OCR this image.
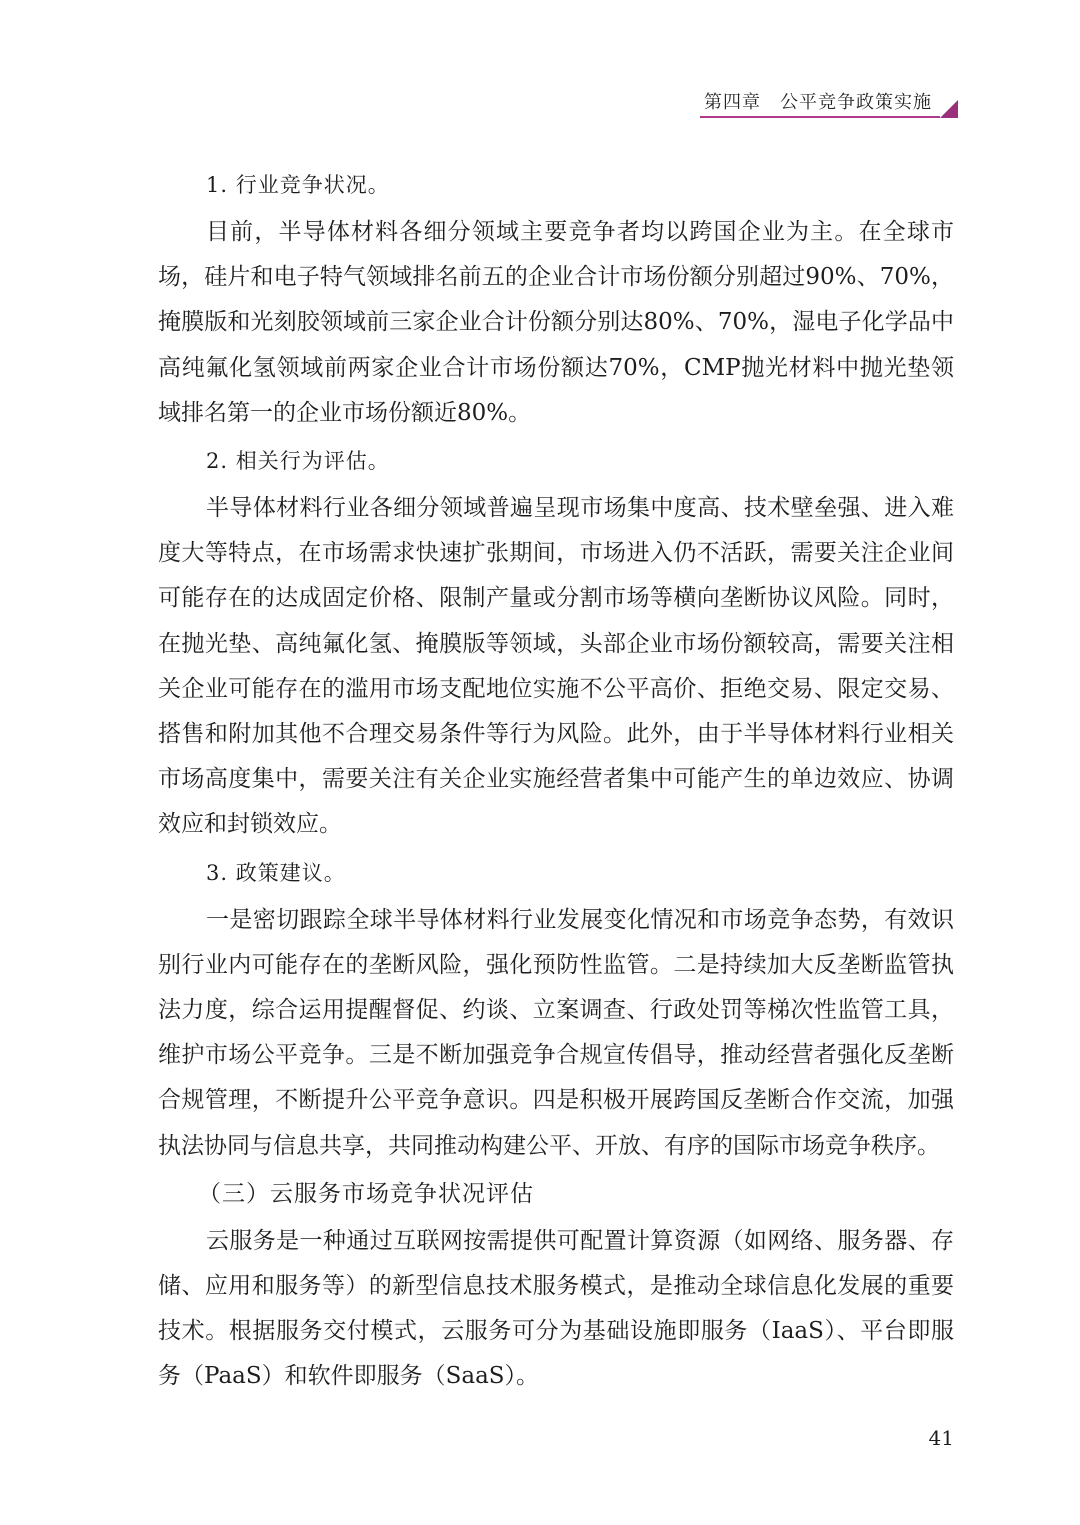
第四章　公平竞争政策实施
1. 行业竞争状况。

目前，半导体材料各细分领域主要竞争者均以跨国企业为主。在全球市场，硅片和电子特气领域排名前五的企业合计市场份额分别超过90%、70%，掩膜版和光刻胶领域前三家企业合计份额分别达80%、70%，湿电子化学品中高纯氟化氢领域前两家企业合计市场份额达70%，CMP抛光材料中抛光垫领域排名第一的企业市场份额近80%。

2. 相关行为评估。

半导体材料行业各细分领域普遍呈现市场集中度高、技术壁垒强、进入难度大等特点，在市场需求快速扩张期间，市场进入仍不活跃，需要关注企业间可能存在的达成固定价格、限制产量或分割市场等横向垄断协议风险。同时，在抛光垫、高纯氟化氢、掩膜版等领域，头部企业市场份额较高，需要关注相关企业可能存在的滥用市场支配地位实施不公平高价、拒绝交易、限定交易、搭售和附加其他不合理交易条件等行为风险。此外，由于半导体材料行业相关市场高度集中，需要关注有关企业实施经营者集中可能产生的单边效应、协调效应和封锁效应。

3. 政策建议。

一是密切跟踪全球半导体材料行业发展变化情况和市场竞争态势，有效识别行业内可能存在的垄断风险，强化预防性监管。二是持续加大反垄断监管执法力度，综合运用提醒督促、约谈、立案调查、行政处罚等梯次性监管工具，维护市场公平竞争。三是不断加强竞争合规宣传倡导，推动经营者强化反垄断合规管理，不断提升公平竞争意识。四是积极开展跨国反垄断合作交流，加强执法协同与信息共享，共同推动构建公平、开放、有序的国际市场竞争秩序。

（三）云服务市场竞争状况评估

云服务是一种通过互联网按需提供可配置计算资源（如网络、服务器、存储、应用和服务等）的新型信息技术服务模式，是推动全球信息化发展的重要技术。根据服务交付模式，云服务可分为基础设施即服务（IaaS）、平台即服务（PaaS）和软件即服务（SaaS）。

41
